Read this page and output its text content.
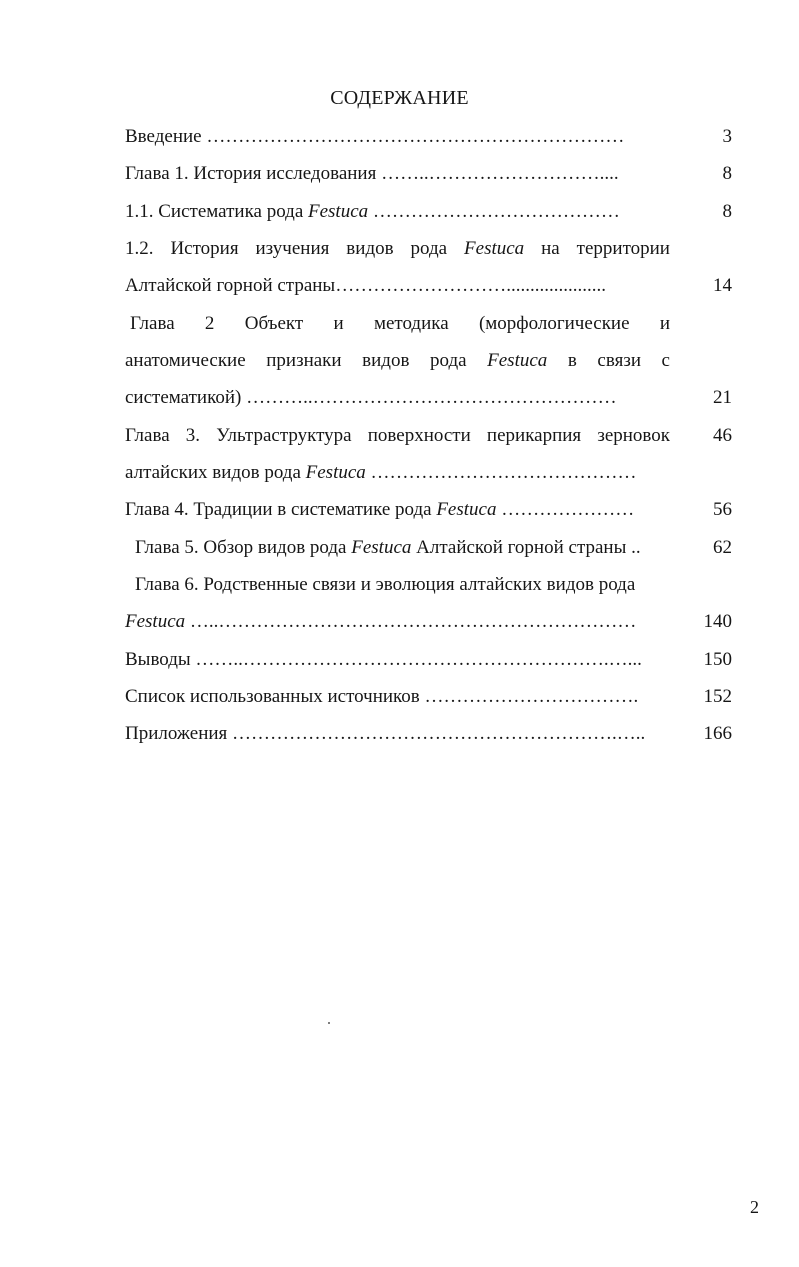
СОДЕРЖАНИЕ
Введение …………………………………………………………	3
Глава 1. История исследования ……..………………………....	8
1.1. Систематика рода Festuca …………………………………	8
1.2. История изучения видов рода Festuca на территории
Алтайской горной страны……………………….....................	14
Глава 2 Объект и методика (морфологические и
анатомические признаки видов рода Festuca в связи с
систематикой) ………..…………………………………………	21
Глава 3. Ультраструктура поверхности перикарпия зерновок 46
алтайских видов рода Festuca ……………………………………
Глава 4. Традиции в систематике рода Festuca …………………	56
Глава 5. Обзор видов рода Festuca Алтайской горной страны ..	62
Глава 6. Родственные связи и эволюция алтайских видов рода
Festuca …..…………………………………………………………	140
Выводы ……..………………………………………………….…...	150
Список использованных источников …………………………….	152
Приложения …………………………………………………….…..	166
2
